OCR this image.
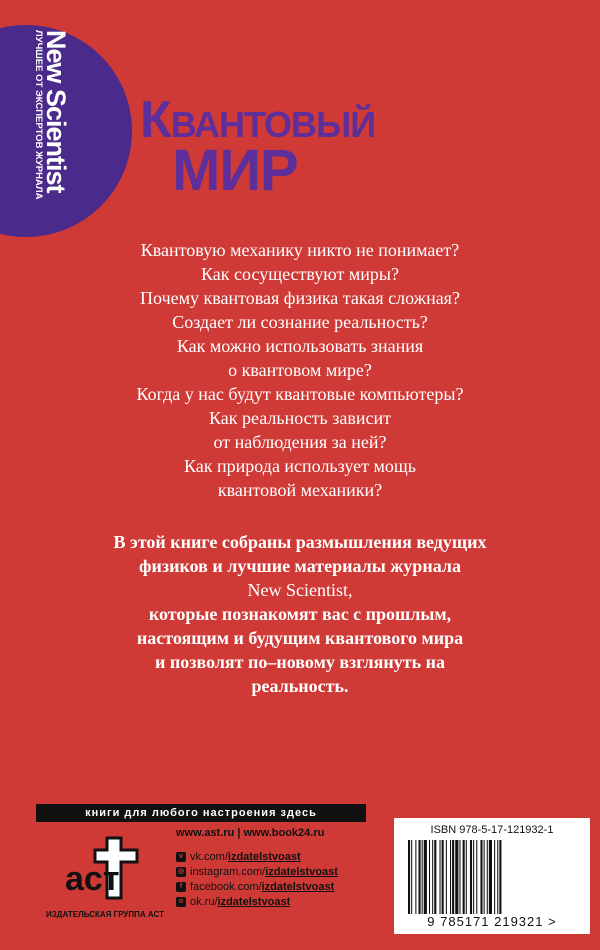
New Scientist
ЛУЧШЕЕ ОТ ЭКСПЕРТОВ ЖУРНАЛА Квантовый
МИР
Квантовую механику никто не понимает?
Как сосуществуют миры?
Почему квантовая физика такая сложная?
Создает ли сознание реальность?
Как можно использовать знания
о квантовом мире?
Когда у нас будут квантовые компьютеры?
Как реальность зависит
от наблюдения за ней?
Как природа использует мощь
квантовой механики?
В этой книге собраны размышления ведущих
физиков и лучшие материалы журнала
New Scientist,
которые познакомят вас с прошлым,
настоящим и будущим квантового мира
и позволят по–новому взглянуть на
реальность.
книги для любого настроения здесь
аст
ИЗДАТЕЛЬСКАЯ ГРУППА АСТ
www.ast.ru | www.book24.ru
v vk.com/ izdatelstvoast
◎ instagram.com/ izdatelstvoast
f facebook.com/ izdatelstvoast
o ok.ru/ izdatelstvoast
ISBN 978-5-17-121932-1
9 785171 219321 >
